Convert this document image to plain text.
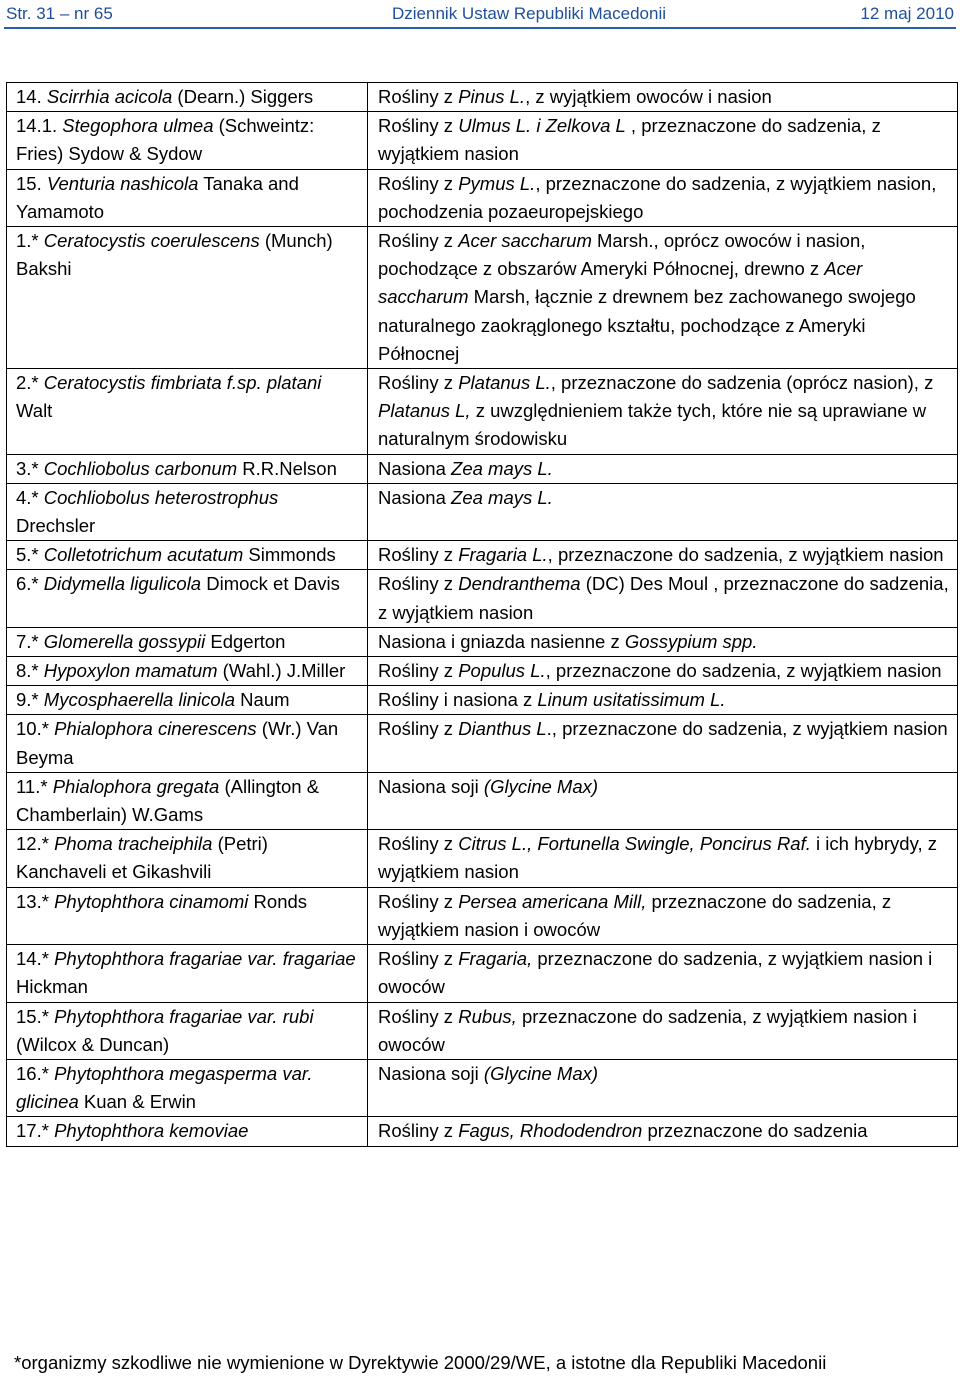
Str. 31 – nr 65	Dziennik Ustaw Republiki Macedonii	12 maj 2010
14. Scirrhia acicola (Dearn.) Siggers	Rośliny z Pinus L., z wyjątkiem owoców i nasion
14.1. Stegophora ulmea (Schweintz: Fries) Sydow & Sydow	Rośliny z Ulmus L. i Zelkova L , przeznaczone do sadzenia, z wyjątkiem nasion
15. Venturia nashicola Tanaka and Yamamoto	Rośliny z Pymus L., przeznaczone do sadzenia, z wyjątkiem nasion, pochodzenia pozaeuropejskiego
1.* Ceratocystis coerulescens (Munch) Bakshi	Rośliny z Acer saccharum Marsh., oprócz owoców i nasion, pochodzące z obszarów Ameryki Północnej, drewno z Acer saccharum Marsh, łącznie z drewnem bez zachowanego swojego naturalnego zaokrąglonego kształtu, pochodzące z Ameryki Północnej
2.* Ceratocystis fimbriata f.sp. platani Walt	Rośliny z Platanus L., przeznaczone do sadzenia (oprócz nasion), z Platanus L, z uwzględnieniem także tych, które nie są uprawiane w naturalnym środowisku
3.* Cochliobolus carbonum R.R.Nelson	Nasiona Zea mays L.
4.* Cochliobolus heterostrophus Drechsler	Nasiona Zea mays L.
5.* Colletotrichum acutatum Simmonds	Rośliny z Fragaria L., przeznaczone do sadzenia, z wyjątkiem nasion
6.* Didymella ligulicola Dimock et Davis	Rośliny z Dendranthema (DC) Des Moul , przeznaczone do sadzenia, z wyjątkiem nasion
7.* Glomerella gossypii Edgerton	Nasiona i gniazda nasienne z Gossypium spp.
8.* Hypoxylon mamatum (Wahl.) J.Miller	Rośliny z Populus L., przeznaczone do sadzenia, z wyjątkiem nasion
9.* Mycosphaerella linicola Naum	Rośliny i nasiona z Linum usitatissimum L.
10.* Phialophora cinerescens (Wr.) Van Beyma	Rośliny z Dianthus L., przeznaczone do sadzenia, z wyjątkiem nasion
11.* Phialophora gregata (Allington & Chamberlain) W.Gams	Nasiona soji (Glycine Max)
12.* Phoma tracheiphila (Petri) Kanchaveli et Gikashvili	Rośliny z Citrus L., Fortunella Swingle, Poncirus Raf. i ich hybrydy, z wyjątkiem nasion
13.* Phytophthora cinamomi Ronds	Rośliny z Persea americana Mill, przeznaczone do sadzenia, z wyjątkiem nasion i owoców
14.* Phytophthora fragariae var. fragariae Hickman	Rośliny z Fragaria, przeznaczone do sadzenia, z wyjątkiem nasion i owoców
15.* Phytophthora fragariae var. rubi (Wilcox & Duncan)	Rośliny z Rubus, przeznaczone do sadzenia, z wyjątkiem nasion i owoców
16.* Phytophthora megasperma var. glicinea Kuan & Erwin	Nasiona soji (Glycine Max)
17.* Phytophthora kemoviae	Rośliny z Fagus, Rhododendron przeznaczone do sadzenia
*organizmy szkodliwe nie wymienione w Dyrektywie 2000/29/WE, a istotne dla Republiki Macedonii
